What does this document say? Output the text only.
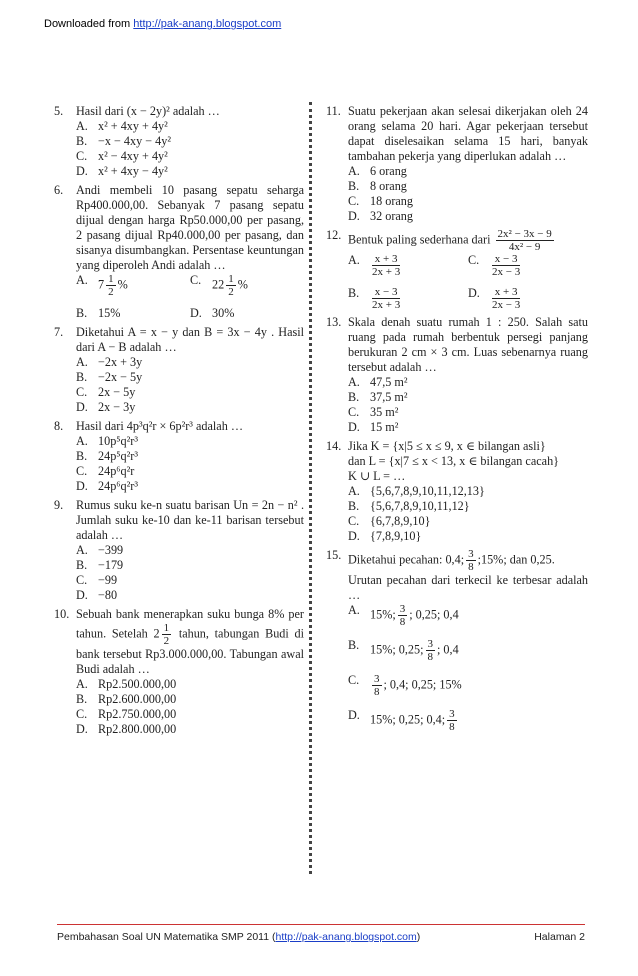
Downloaded from http://pak-anang.blogspot.com
5. Hasil dari (x − 2y)² adalah …
A. x² + 4xy + 4y²
B. −x − 4xy − 4y²
C. x² − 4xy + 4y²
D. x² + 4xy − 4y²
6. Andi membeli 10 pasang sepatu seharga Rp400.000,00. Sebanyak 7 pasang sepatu dijual dengan harga Rp50.000,00 per pasang, 2 pasang dijual Rp40.000,00 per pasang, dan sisanya disumbangkan. Persentase keuntungan yang diperoleh Andi adalah …
A. $7 \frac{1}{2}$ %	C. $22 \frac{1}{2}$ %
B. 15%	D. 30%
7. Diketahui A = x − y dan B = 3x − 4y . Hasil dari A − B adalah …
A. −2x + 3y
B. −2x − 5y
C. 2x − 5y
D. 2x − 3y
8. Hasil dari 4p³q²r × 6p²r³ adalah …
A. 10p⁵q²r³
B. 24p⁵q²r³
C. 24p⁶q²r
D. 24p⁶q²r³
9. Rumus suku ke-n suatu barisan Un = 2n − n² . Jumlah suku ke-10 dan ke-11 barisan tersebut adalah …
A. −399
B. −179
C. −99
D. −80
10. Sebuah bank menerapkan suku bunga 8% per tahun. Setelah $2 \frac{1}{2}$ tahun, tabungan Budi di bank tersebut Rp3.000.000,00. Tabungan awal Budi adalah …
A. Rp2.500.000,00
B. Rp2.600.000,00
C. Rp2.750.000,00
D. Rp2.800.000,00
11. Suatu pekerjaan akan selesai dikerjakan oleh 24 orang selama 20 hari. Agar pekerjaan tersebut dapat diselesaikan selama 15 hari, banyak tambahan pekerja yang diperlukan adalah …
A. 6 orang
B. 8 orang
C. 18 orang
D. 32 orang
12. Bentuk paling sederhana dari $\frac{\text{2x² − 3x − 9}}{\text{4x² − 9}}$
A. $\frac{x + 3}{2x + 3}$	C. $\frac{x - 3}{2x - 3}$
B. $\frac{x - 3}{2x + 3}$	D. $\frac{x + 3}{2x - 3}$
13. Skala denah suatu rumah 1 : 250. Salah satu ruang pada rumah berbentuk persegi panjang berukuran 2 cm × 3 cm. Luas sebenarnya ruang tersebut adalah …
A. 47,5 m²
B. 37,5 m²
C. 35 m²
D. 15 m²
14. Jika K = {x|5 ≤ x ≤ 9, x ∈ bilangan asli}
dan L = {x|7 ≤ x < 13, x ∈ bilangan cacah}
K ∪ L = …
A. {5,6,7,8,9,10,11,12,13}
B. {5,6,7,8,9,10,11,12}
C. {6,7,8,9,10}
D. {7,8,9,10}
15. Diketahui pecahan: 0,4; $\frac{3}{8}$ ;15%; dan 0,25.
Urutan pecahan dari terkecil ke terbesar adalah …
A. 15%; $\frac{3}{8}$ ; 0,25; 0,4
B. 15%; 0,25; $\frac{3}{8}$ ; 0,4
C. $\frac{3}{8}$ ; 0,4; 0,25; 15%
D. 15%; 0,25; 0,4; $\frac{3}{8}$
Pembahasan Soal UN Matematika SMP 2011 (http://pak-anang.blogspot.com)	Halaman 2
